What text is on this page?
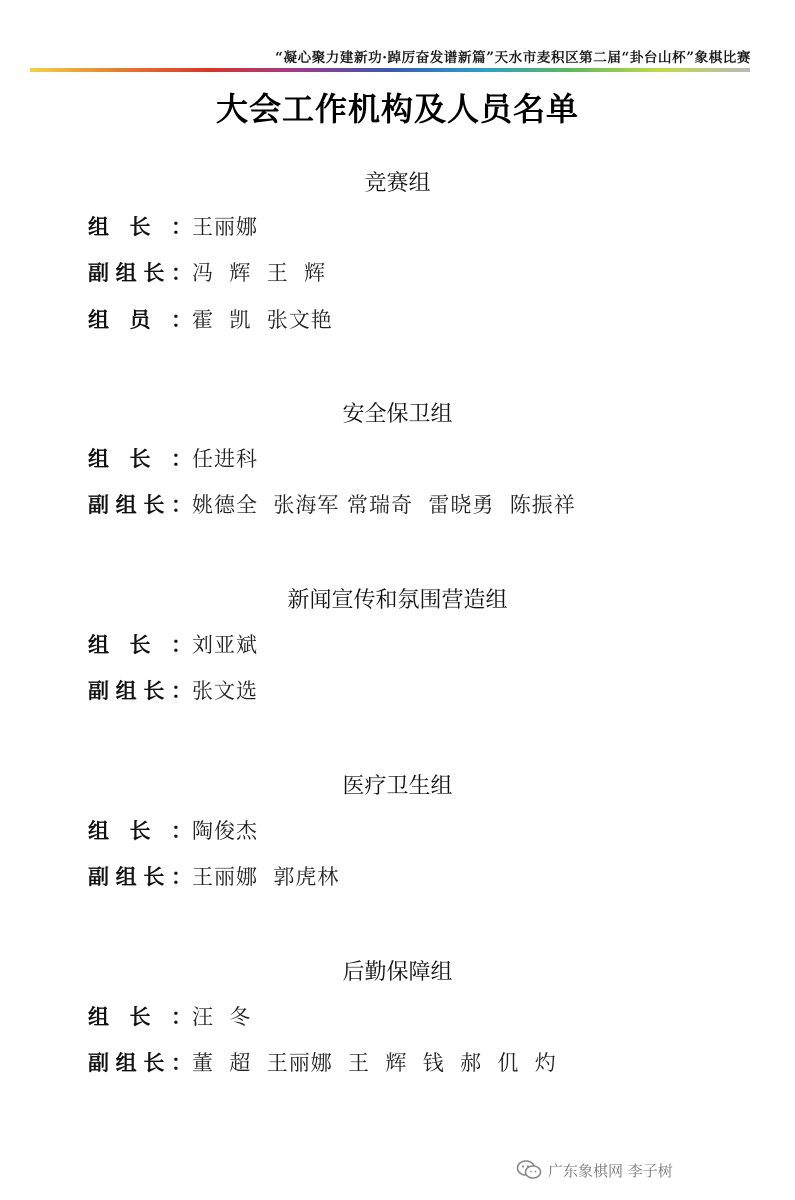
“凝心聚力建新功·踔厉奋发谱新篇”天水市麦积区第二届“卦台山杯”象棋比赛
大会工作机构及人员名单
竞赛组
组 长 ： 王丽娜
副 组 长 ： 冯  辉  王  辉
组 员 ： 霍  凯  张文艳
安全保卫组
组 长 ： 任进科
副 组 长 ： 姚德全  张海军 常瑞奇  雷晓勇  陈振祥
新闻宣传和氛围营造组
组 长 ： 刘亚斌
副 组 长 ： 张文选
医疗卫生组
组 长 ： 陶俊杰
副 组 长 ： 王丽娜  郭虎林
后勤保障组
组 长 ： 汪  冬
副 组 长 ： 董  超  王丽娜  王  辉  钱  郝  仉  灼
广东象棋网 李子树
